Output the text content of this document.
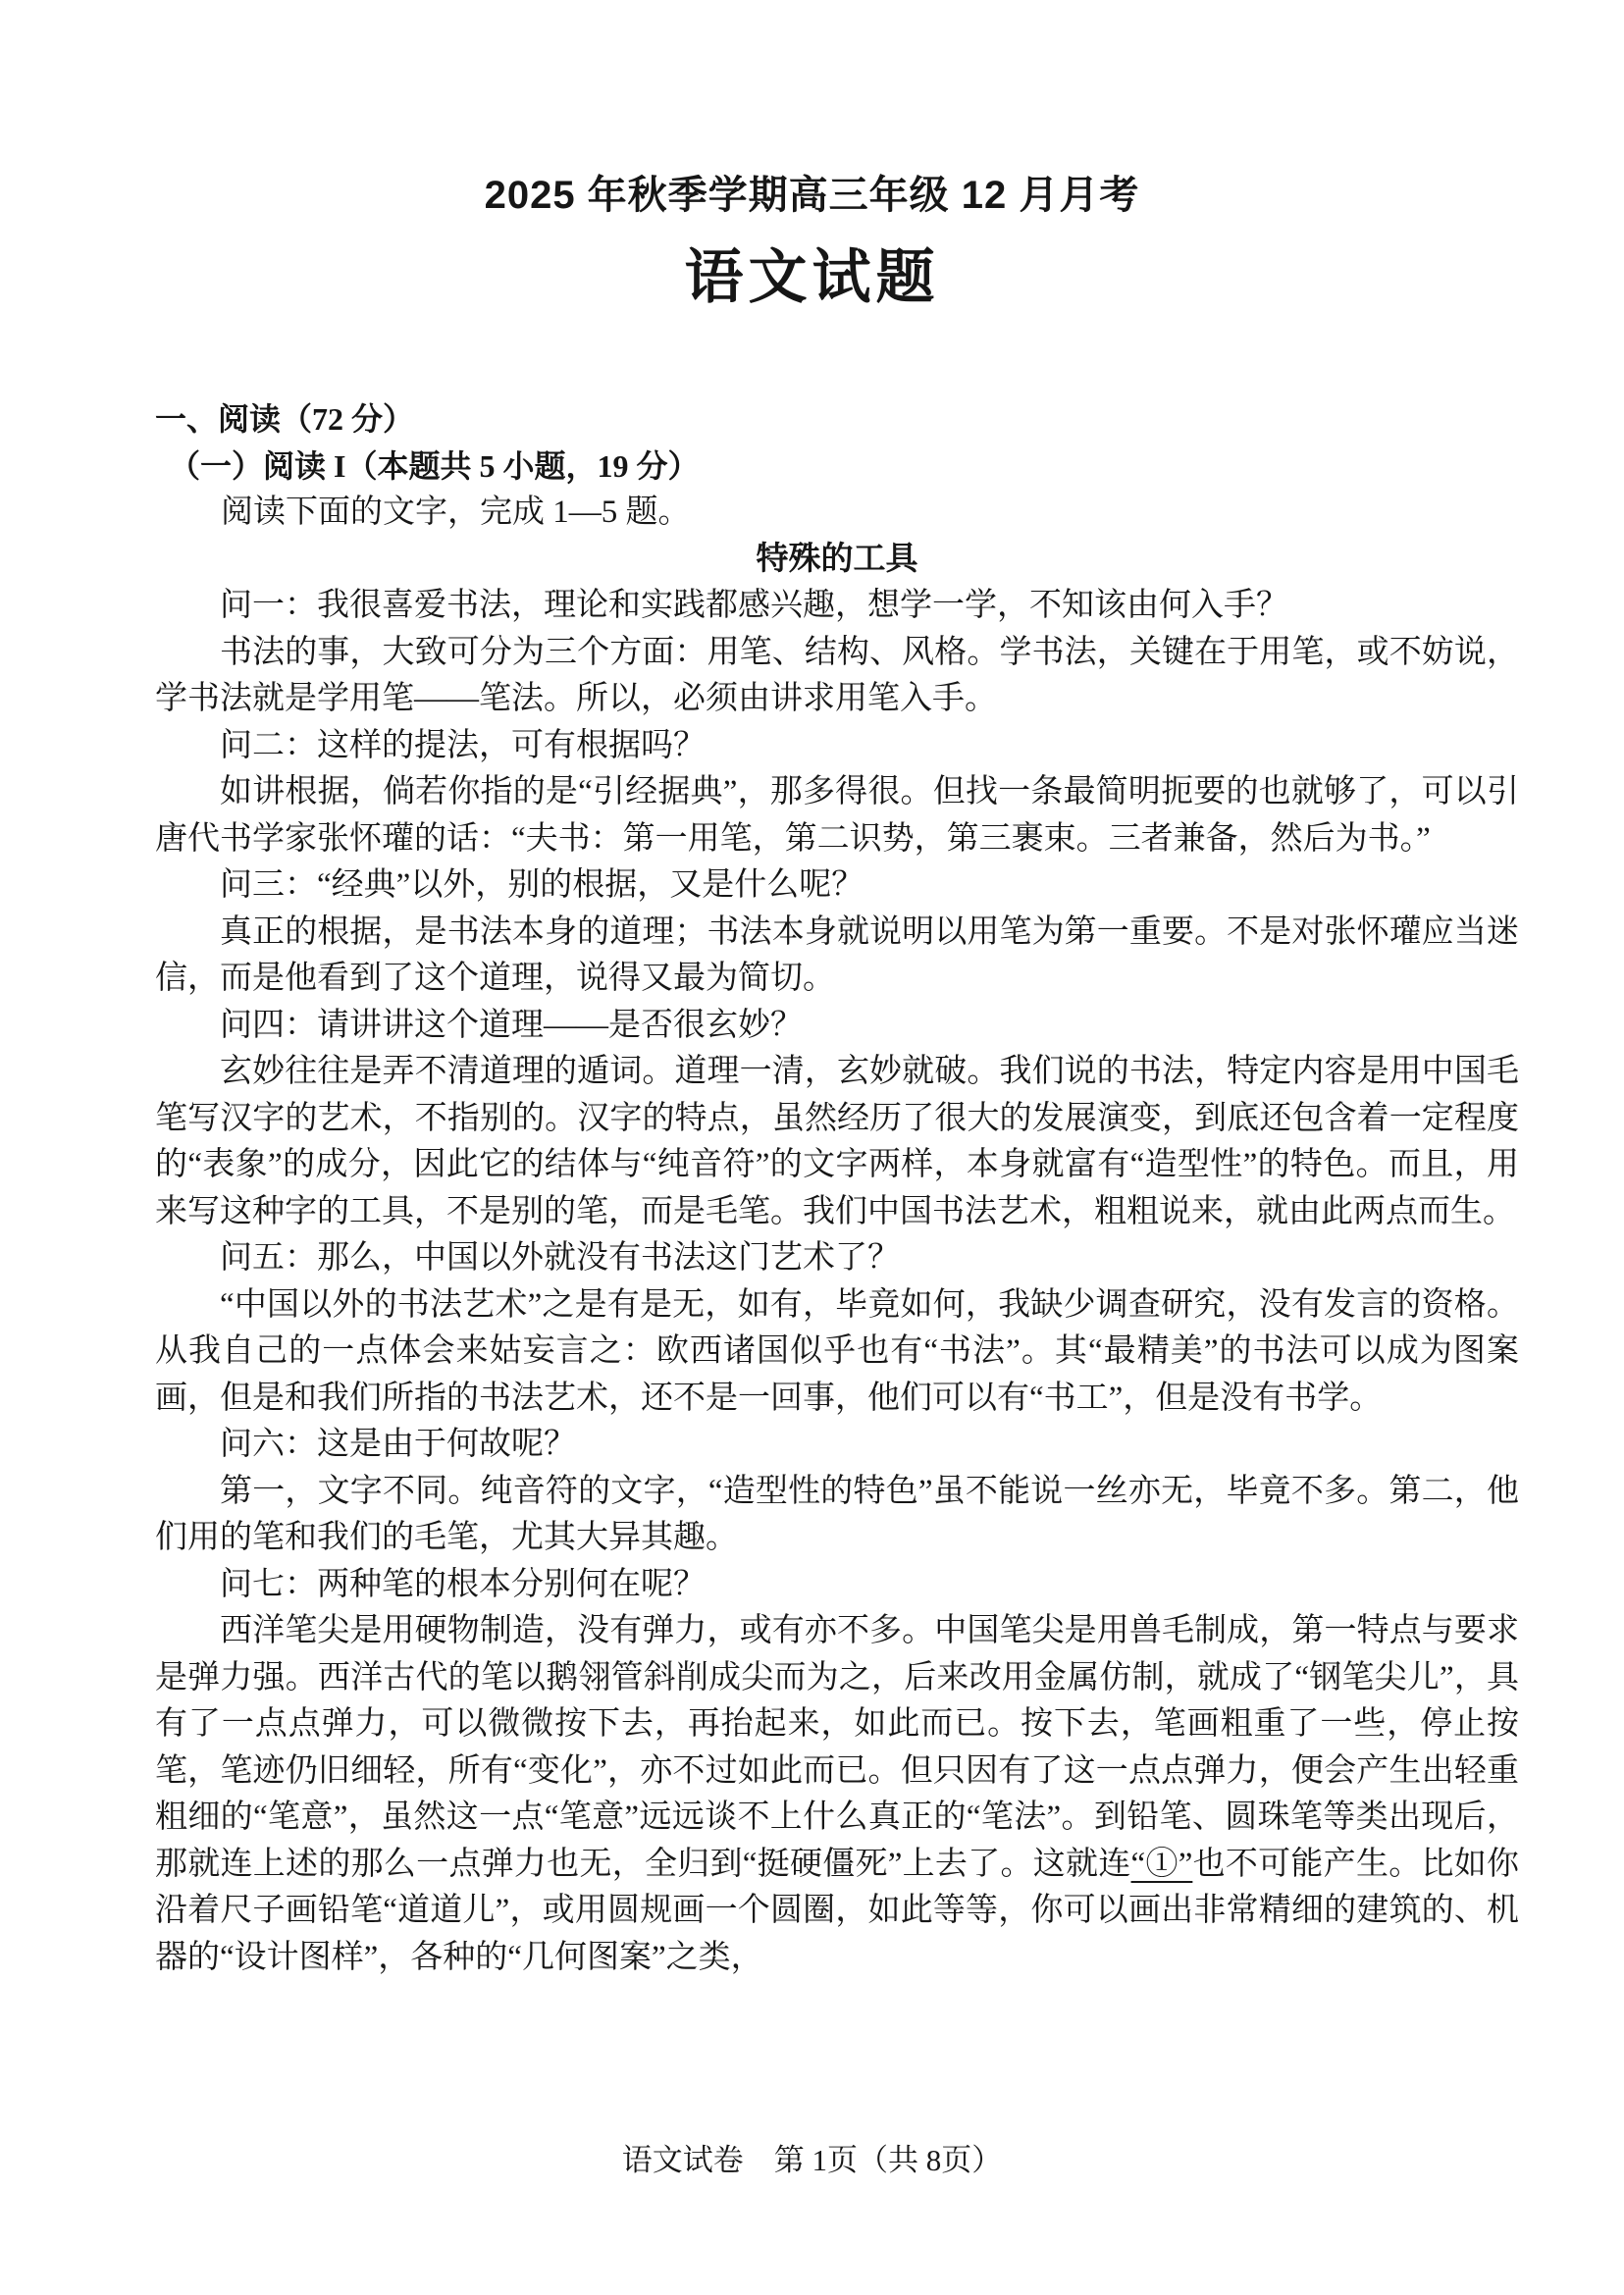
2025 年秋季学期高三年级 12 月月考
语文试题
一、阅读（72 分）
（一）阅读 I（本题共 5 小题，19 分）
阅读下面的文字，完成 1—5 题。
特殊的工具

问一：我很喜爱书法，理论和实践都感兴趣，想学一学，不知该由何入手？

书法的事，大致可分为三个方面：用笔、结构、风格。学书法，关键在于用笔，或不妨说，学书法就是学用笔——笔法。所以，必须由讲求用笔入手。

问二：这样的提法，可有根据吗？

如讲根据，倘若你指的是“引经据典”，那多得很。但找一条最简明扼要的也就够了，可以引唐代书学家张怀瓘的话：“夫书：第一用笔，第二识势，第三裹束。三者兼备，然后为书。”

问三：“经典”以外，别的根据，又是什么呢？

真正的根据，是书法本身的道理；书法本身就说明以用笔为第一重要。不是对张怀瓘应当迷信，而是他看到了这个道理，说得又最为简切。

问四：请讲讲这个道理——是否很玄妙？

玄妙往往是弄不清道理的遁词。道理一清，玄妙就破。我们说的书法，特定内容是用中国毛笔写汉字的艺术，不指别的。汉字的特点，虽然经历了很大的发展演变，到底还包含着一定程度的“表象”的成分，因此它的结体与“纯音符”的文字两样，本身就富有“造型性”的特色。而且，用来写这种字的工具，不是别的笔，而是毛笔。我们中国书法艺术，粗粗说来，就由此两点而生。

问五：那么，中国以外就没有书法这门艺术了？

“中国以外的书法艺术”之是有是无，如有，毕竟如何，我缺少调查研究，没有发言的资格。从我自己的一点体会来姑妄言之：欧西诸国似乎也有“书法”。其“最精美”的书法可以成为图案画，但是和我们所指的书法艺术，还不是一回事，他们可以有“书工”，但是没有书学。

问六：这是由于何故呢？

第一，文字不同。纯音符的文字，“造型性的特色”虽不能说一丝亦无，毕竟不多。第二，他们用的笔和我们的毛笔，尤其大异其趣。

问七：两种笔的根本分别何在呢？

西洋笔尖是用硬物制造，没有弹力，或有亦不多。中国笔尖是用兽毛制成，第一特点与要求是弹力强。西洋古代的笔以鹅翎管斜削成尖而为之，后来改用金属仿制，就成了“钢笔尖儿”，具有了一点点弹力，可以微微按下去，再抬起来，如此而已。按下去，笔画粗重了一些，停止按笔，笔迹仍旧细轻，所有“变化”，亦不过如此而已。但只因有了这一点点弹力，便会产生出轻重粗细的“笔意”，虽然这一点“笔意”远远谈不上什么真正的“笔法”。到铅笔、圆珠笔等类出现后，那就连上述的那么一点弹力也无，全归到“挺硬僵死”上去了。这就连“①”也不可能产生。比如你沿着尺子画铅笔“道道儿”，或用圆规画一个圆圈，如此等等，你可以画出非常精细的建筑的、机器的“设计图样”，各种的“几何图案”之类，

语文试卷　第 1页（共 8页）
